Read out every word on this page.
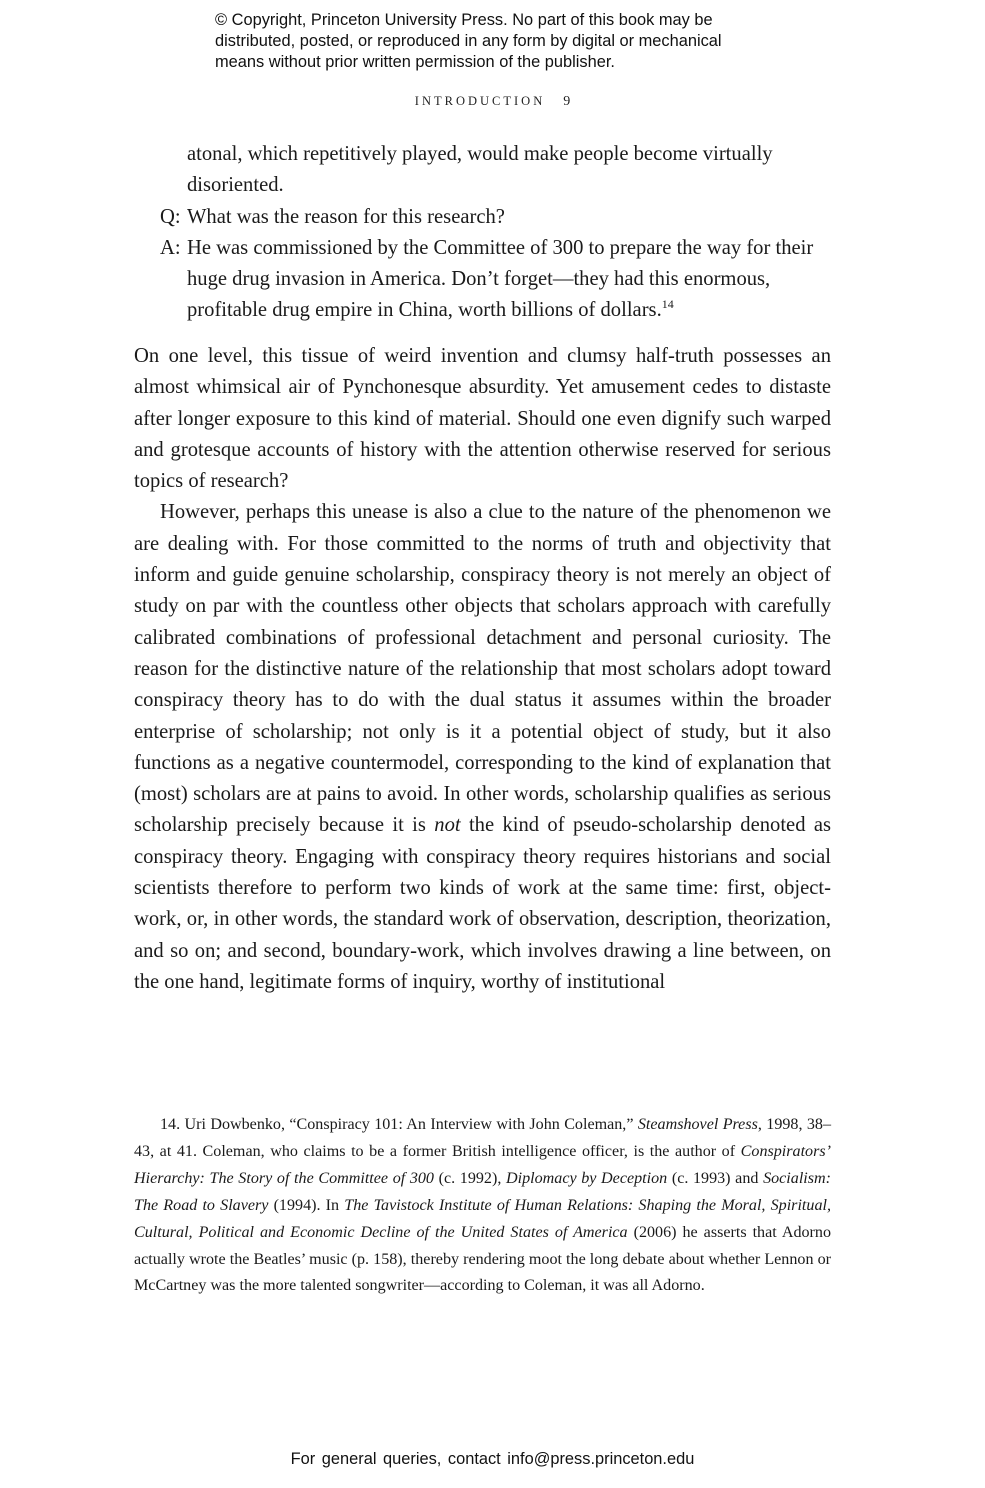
© Copyright, Princeton University Press. No part of this book may be
distributed, posted, or reproduced in any form by digital or mechanical
means without prior written permission of the publisher.
INTRODUCTION 9
atonal, which repetitively played, would make people become virtually disoriented.
Q: What was the reason for this research?
A: He was commissioned by the Committee of 300 to prepare the way for their huge drug invasion in America. Don’t forget—they had this enormous, profitable drug empire in China, worth billions of dollars.$^{14}$

On one level, this tissue of weird invention and clumsy half-truth possesses an almost whimsical air of Pynchonesque absurdity. Yet amusement cedes to distaste after longer exposure to this kind of material. Should one even dignify such warped and grotesque accounts of history with the attention otherwise reserved for serious topics of research?

However, perhaps this unease is also a clue to the nature of the phenomenon we are dealing with. For those committed to the norms of truth and objectivity that inform and guide genuine scholarship, conspiracy theory is not merely an object of study on par with the countless other objects that scholars approach with carefully calibrated combinations of professional detachment and personal curiosity. The reason for the distinctive nature of the relationship that most scholars adopt toward conspiracy theory has to do with the dual status it assumes within the broader enterprise of scholarship; not only is it a potential object of study, but it also functions as a negative countermodel, corresponding to the kind of explanation that (most) scholars are at pains to avoid. In other words, scholarship qualifies as serious scholarship precisely because it is not the kind of pseudo-scholarship denoted as conspiracy theory. Engaging with conspiracy theory requires historians and social scientists therefore to perform two kinds of work at the same time: first, object-work, or, in other words, the standard work of observation, description, theorization, and so on; and second, boundary-work, which involves drawing a line between, on the one hand, legitimate forms of inquiry, worthy of institutional

14. Uri Dowbenko, “Conspiracy 101: An Interview with John Coleman,” Steamshovel Press, 1998, 38–43, at 41. Coleman, who claims to be a former British intelligence officer, is the author of Conspirators’ Hierarchy: The Story of the Committee of 300 (c. 1992), Diplomacy by Deception (c. 1993) and Socialism: The Road to Slavery (1994). In The Tavistock Institute of Human Relations: Shaping the Moral, Spiritual, Cultural, Political and Economic Decline of the United States of America (2006) he asserts that Adorno actually wrote the Beatles’ music (p. 158), thereby rendering moot the long debate about whether Lennon or McCartney was the more talented songwriter—according to Coleman, it was all Adorno.
For general queries, contact info@press.princeton.edu
